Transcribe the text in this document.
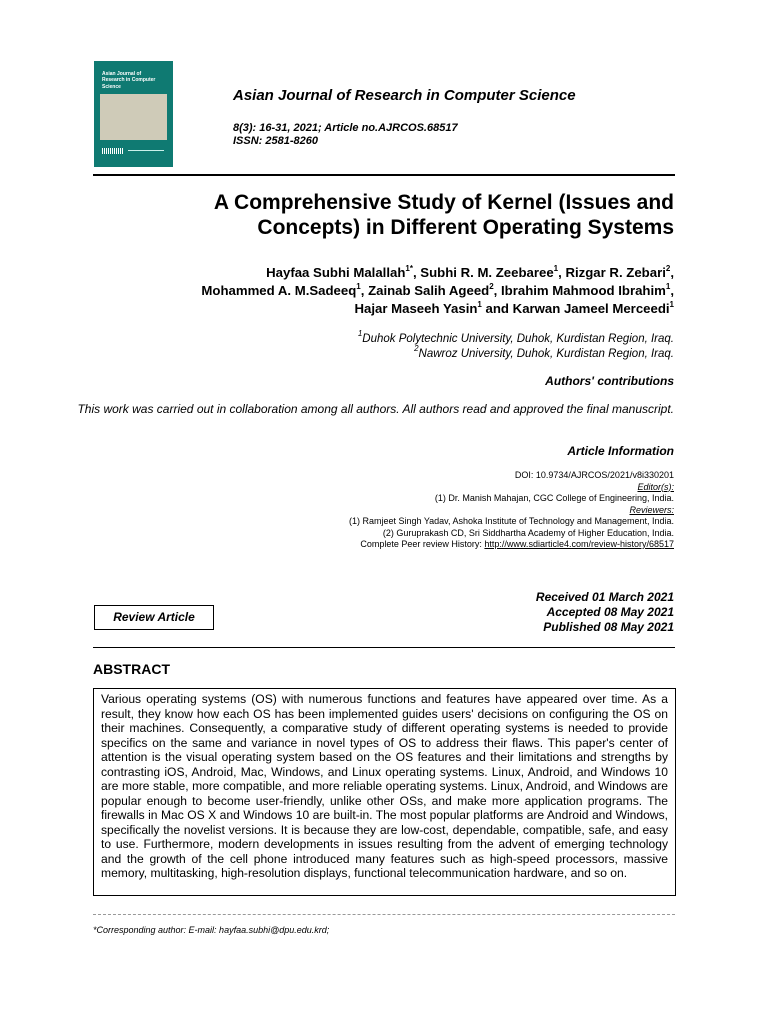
Asian Journal of Research in Computer Science
Asian Journal of Research in Computer Science
8(3): 16-31, 2021; Article no.AJRCOS.68517
ISSN: 2581-8260
A Comprehensive Study of Kernel (Issues and Concepts) in Different Operating Systems
Hayfaa Subhi Malallah$^{1*}$, Subhi R. M. Zeebaree$^1$, Rizgar R. Zebari$^2$,
Mohammed A. M.Sadeeq$^1$, Zainab Salih Ageed$^2$, Ibrahim Mahmood Ibrahim$^1$,
Hajar Maseeh Yasin$^1$ and Karwan Jameel Merceedi$^1$
$^1$Duhok Polytechnic University, Duhok, Kurdistan Region, Iraq.
$^2$Nawroz University, Duhok, Kurdistan Region, Iraq.
Authors' contributions
This work was carried out in collaboration among all authors. All authors read and approved the final manuscript.
Article Information
DOI: 10.9734/AJRCOS/2021/v8i330201
Editor(s):
(1) Dr. Manish Mahajan, CGC College of Engineering, India.
Reviewers:
(1) Ramjeet Singh Yadav, Ashoka Institute of Technology and Management, India.
(2) Guruprakash CD, Sri Siddhartha Academy of Higher Education, India.
Complete Peer review History: http://www.sdiarticle4.com/review-history/68517
Review Article
Received 01 March 2021
Accepted 08 May 2021
Published 08 May 2021
ABSTRACT
Various operating systems (OS) with numerous functions and features have appeared over time. As a result, they know how each OS has been implemented guides users' decisions on configuring the OS on their machines. Consequently, a comparative study of different operating systems is needed to provide specifics on the same and variance in novel types of OS to address their flaws. This paper's center of attention is the visual operating system based on the OS features and their limitations and strengths by contrasting iOS, Android, Mac, Windows, and Linux operating systems. Linux, Android, and Windows 10 are more stable, more compatible, and more reliable operating systems. Linux, Android, and Windows are popular enough to become user-friendly, unlike other OSs, and make more application programs. The firewalls in Mac OS X and Windows 10 are built-in. The most popular platforms are Android and Windows, specifically the novelist versions. It is because they are low-cost, dependable, compatible, safe, and easy to use. Furthermore, modern developments in issues resulting from the advent of emerging technology and the growth of the cell phone introduced many features such as high-speed processors, massive memory, multitasking, high-resolution displays, functional telecommunication hardware, and so on.
*Corresponding author: E-mail: hayfaa.subhi@dpu.edu.krd;
